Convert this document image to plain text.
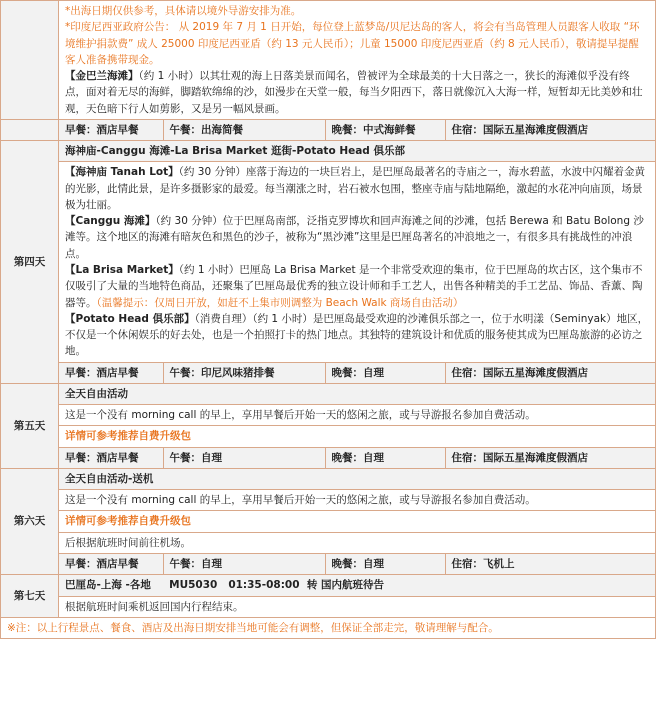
*出海日期仅供参考，具体请以境外导游安排为准。

*印度尼西亚政府公告： 从 2019 年 7 月 1 日开始，每位登上蓝梦岛/贝尼达岛的客人，将会有当岛管理人员跟客人收取 “环境维护捐款费” 成人 25000 印度尼西亚盾（约 13 元人民币）；儿童 15000 印度尼西亚盾（约 8 元人民币），敬请提早提醒客人准备携带现金。

【金巴兰海滩】（约 1 小时）以其壮观的海上日落美景而闻名，曾被评为全球最美的十大日落之一，狭长的海滩似乎没有终点，面对着无尽的海鲜，脚踏软绵绵的沙，如漫步在天堂一般，每当夕阳西下，落日就像沉入大海一样，短暂却无比美妙和壮观，天色暗下行人如剪影，又是另一幅风景画。

早餐：酒店早餐	午餐：出海简餐	晚餐：中式海鲜餐	住宿：国际五星海滩度假酒店

第四天	海神庙-Canggu 海滩-La Brisa Market 逛街-Potato Head 俱乐部

【海神庙 Tanah Lot】（约 30 分钟）座落于海边的一块巨岩上，是巴厘岛最著名的寺庙之一，海水碧蓝，水波中闪耀着金黄的光影，此情此景，是许多摄影家的最爱。每当潮涨之时，岩石被水包围，整座寺庙与陆地隔绝，激起的水花冲向庙顶，场景极为壮丽。

【Canggu 海滩】（约 30 分钟）位于巴厘岛南部，泛指克罗博坎和回声海滩之间的沙滩，包括 Berewa 和 Batu Bolong 沙滩等。这个地区的海滩有暗灰色和黑色的沙子，被称为“黑沙滩”这里是巴厘岛著名的冲浪地之一，有很多具有挑战性的冲浪点。

【La Brisa Market】（约 1 小时）巴厘岛 La Brisa Market 是一个非常受欢迎的集市，位于巴厘岛的坎古区，这个集市不仅吸引了大量的当地特色商品，还聚集了巴厘岛最优秀的独立设计师和手工艺人，出售各种精美的手工艺品、饰品、香薰、陶器等。（温馨提示：仅周日开放，如赶不上集市则调整为 Beach Walk 商场自由活动）

【Potato Head 俱乐部】（消费自理）（约 1 小时）是巴厘岛最受欢迎的沙滩俱乐部之一，位于水明漾（Seminyak）地区，不仅是一个休闲娱乐的好去处，也是一个拍照打卡的热门地点。其独特的建筑设计和优质的服务使其成为巴厘岛旅游的必访之地。

早餐：酒店早餐	午餐：印尼风味猪排餐	晚餐：自理	住宿：国际五星海滩度假酒店

第五天	全天自由活动
这是一个没有 morning call 的早上，享用早餐后开始一天的悠闲之旅，或与导游报名参加自费活动。
详情可参考推荐自费升级包

早餐：酒店早餐	午餐：自理	晚餐：自理	住宿：国际五星海滩度假酒店

第六天	全天自由活动-送机
这是一个没有 morning call 的早上，享用早餐后开始一天的悠闲之旅，或与导游报名参加自费活动。
详情可参考推荐自费升级包
后根据航班时间前往机场。

早餐：酒店早餐	午餐：自理	晚餐：自理	住宿：飞机上

第七天	巴厘岛-上海 -各地     MU5030   01:35-08:00  转 国内航班待告
根据航班时间乘机返回国内行程结束。
※注：以上行程景点、餐食、酒店及出海日期安排当地可能会有调整，但保证全部走完，敬请理解与配合。
